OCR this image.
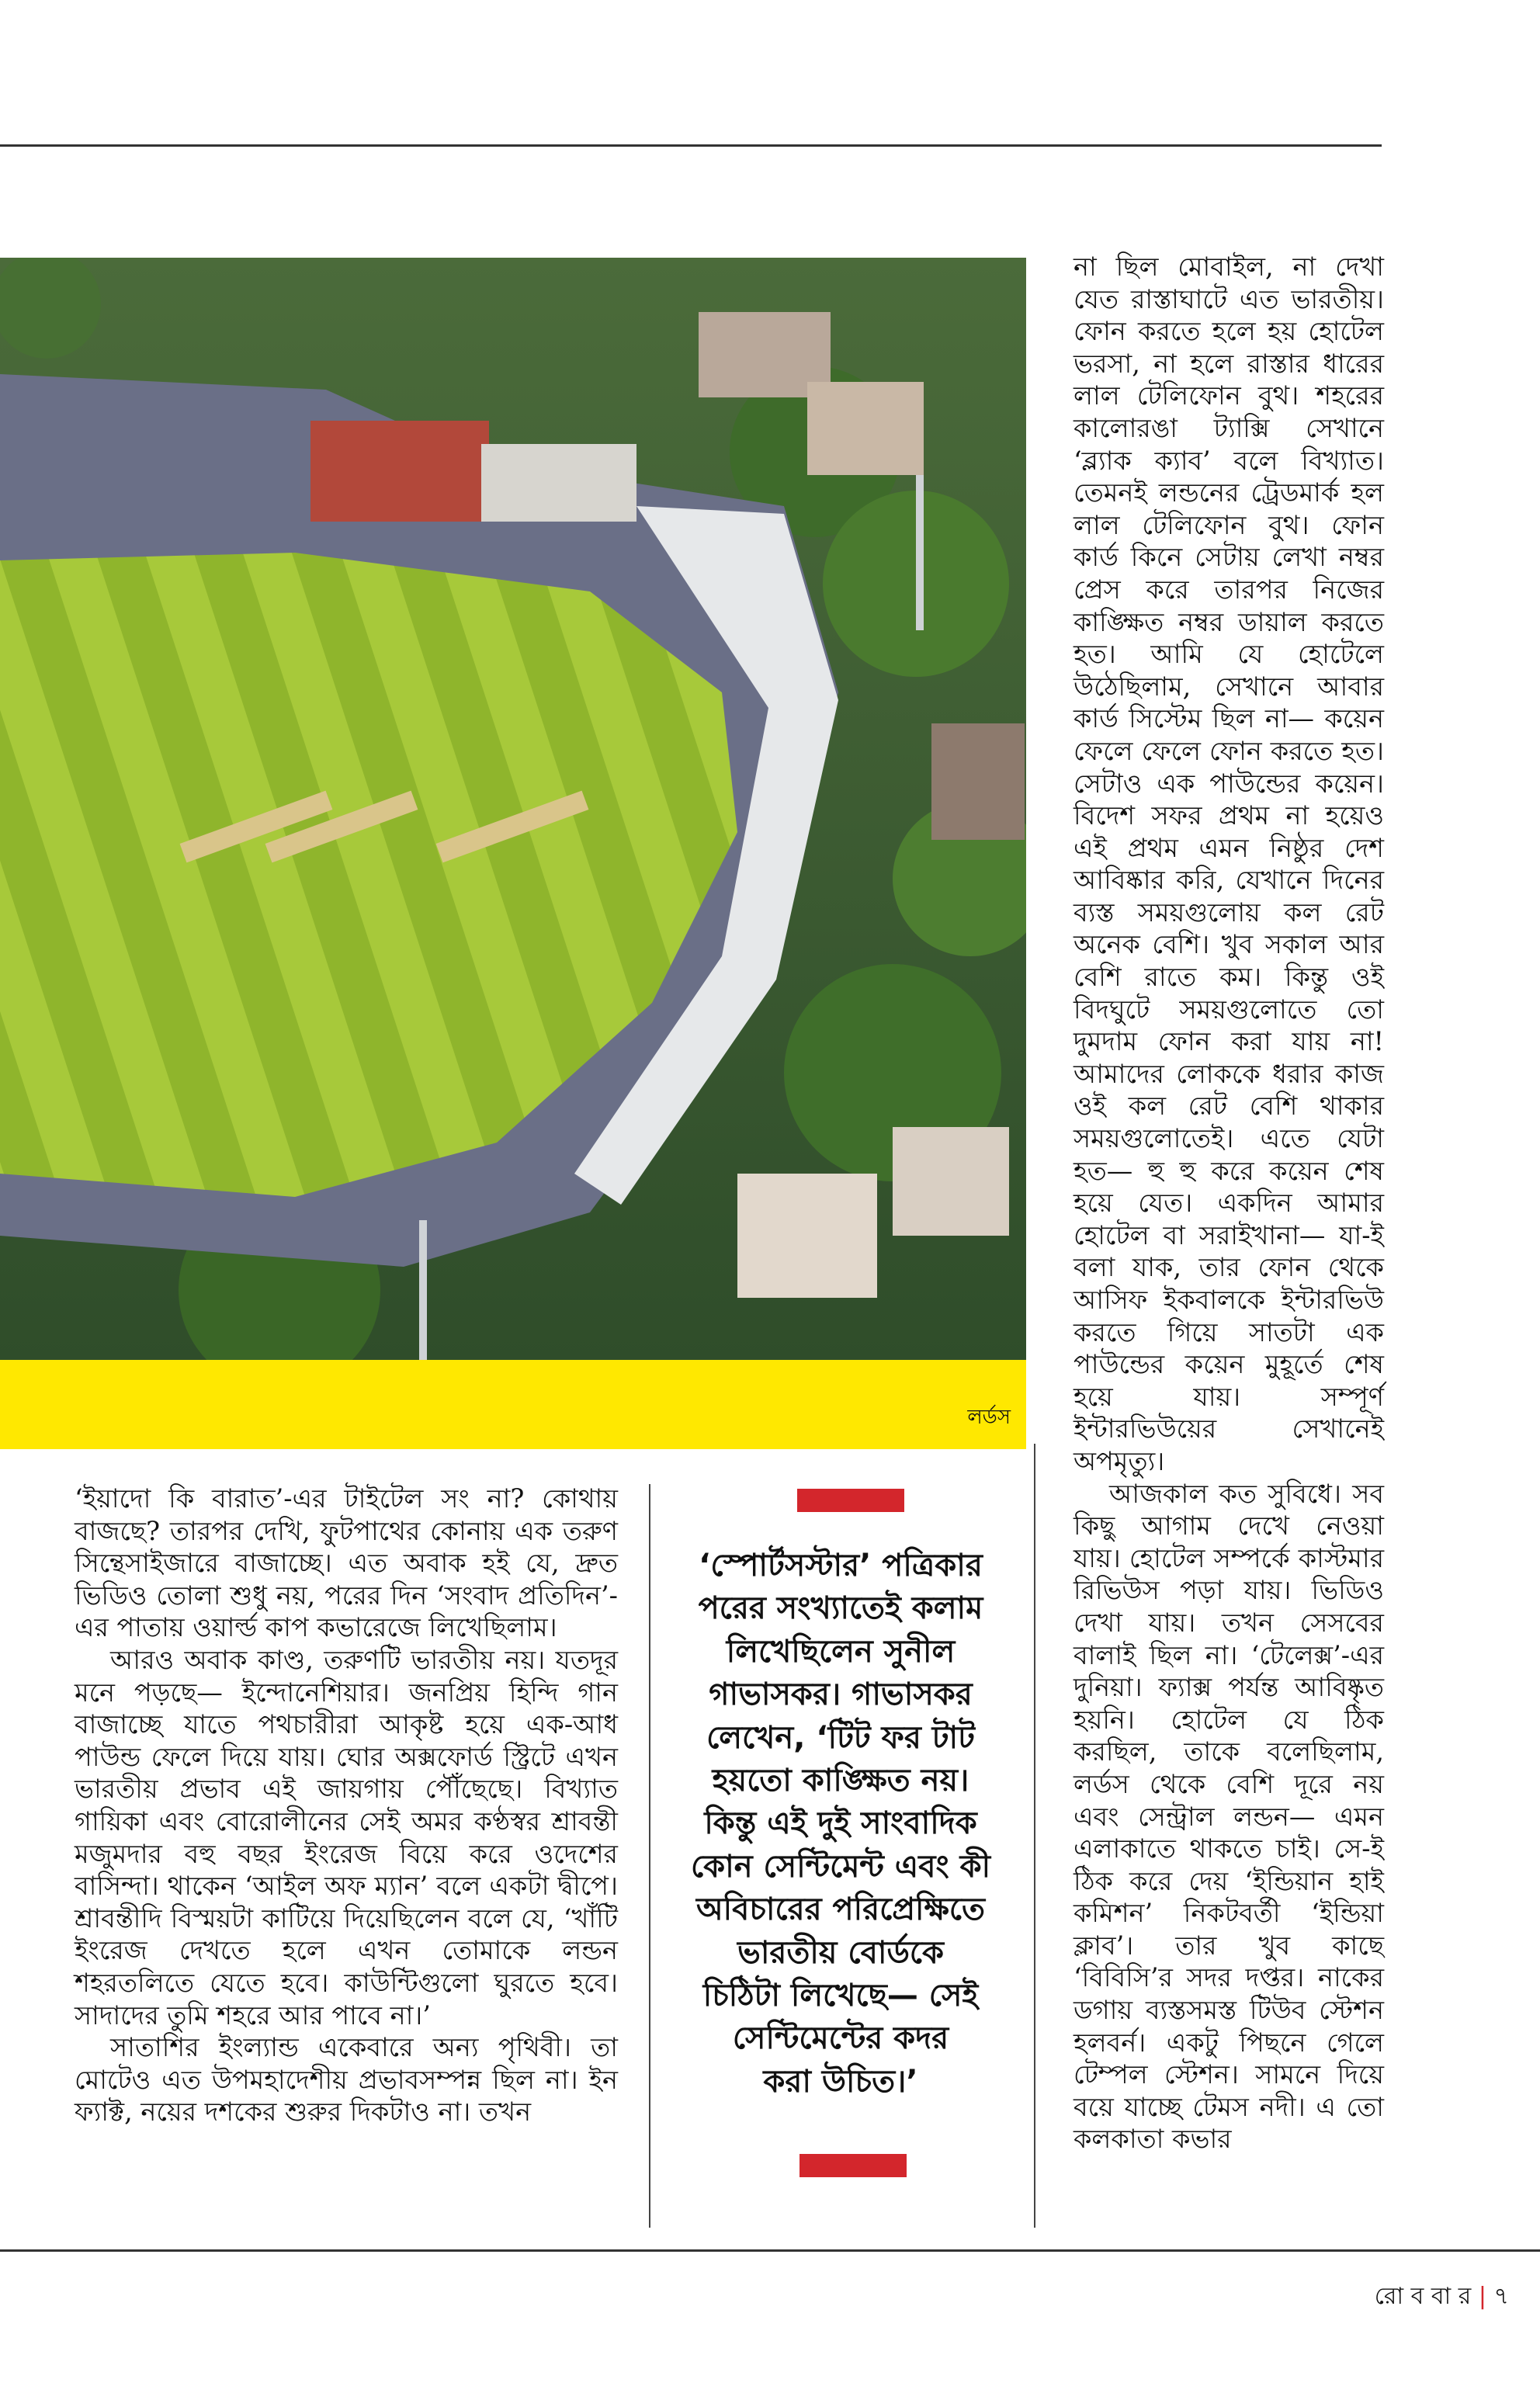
লর্ডস

‘ইয়াদো কি বারাত’-এর টাইটেল সং না? কোথায় বাজছে? তারপর দেখি, ফুটপাথের কোনায় এক তরুণ সিন্থেসাইজারে বাজাচ্ছে। এত অবাক হই যে, দ্রুত ভিডিও তোলা শুধু নয়, পরের দিন ‘সংবাদ প্রতিদিন’-এর পাতায় ওয়ার্ল্ড কাপ কভারেজে লিখেছিলাম।

আরও অবাক কাণ্ড, তরুণটি ভারতীয় নয়। যতদূর মনে পড়ছে— ইন্দোনেশিয়ার। জনপ্রিয় হিন্দি গান বাজাচ্ছে যাতে পথচারীরা আকৃষ্ট হয়ে এক-আধ পাউন্ড ফেলে দিয়ে যায়। ঘোর অক্সফোর্ড স্ট্রিটে এখন ভারতীয় প্রভাব এই জায়গায় পৌঁছেছে। বিখ্যাত গায়িকা এবং বোরোলীনের সেই অমর কণ্ঠস্বর শ্রাবন্তী মজুমদার বহু বছর ইংরেজ বিয়ে করে ওদেশের বাসিন্দা। থাকেন ‘আইল অফ ম্যান’ বলে একটা দ্বীপে। শ্রাবন্তীদি বিস্ময়টা কাটিয়ে দিয়েছিলেন বলে যে, ‘খাঁটি ইংরেজ দেখতে হলে এখন তোমাকে লন্ডন শহরতলিতে যেতে হবে। কাউন্টিগুলো ঘুরতে হবে। সাদাদের তুমি শহরে আর পাবে না।’

সাতাশির ইংল্যান্ড একেবারে অন্য পৃথিবী। তা মোটেও এত উপমহাদেশীয় প্রভাবসম্পন্ন ছিল না। ইন ফ্যাক্ট, নয়ের দশকের শুরুর দিকটাও না। তখন

‘স্পোর্টসস্টার’ পত্রিকার
পরের সংখ্যাতেই কলাম
লিখেছিলেন সুনীল
গাভাসকর। গাভাসকর
লেখেন, ‘টিট ফর টাট
হয়তো কাঙ্ক্ষিত নয়।
কিন্তু এই দুই সাংবাদিক
কোন সেন্টিমেন্ট এবং কী
অবিচারের পরিপ্রেক্ষিতে
ভারতীয় বোর্ডকে
চিঠিটা লিখেছে— সেই
সেন্টিমেন্টের কদর
করা উচিত।’

না ছিল মোবাইল, না দেখা যেত রাস্তাঘাটে এত ভারতীয়। ফোন করতে হলে হয় হোটেল ভরসা, না হলে রাস্তার ধারের লাল টেলিফোন বুথ। শহরের কালোরঙা ট্যাক্সি সেখানে ‘ব্ল্যাক ক্যাব’ বলে বিখ্যাত। তেমনই লন্ডনের ট্রেডমার্ক হল লাল টেলিফোন বুথ। ফোন কার্ড কিনে সেটায় লেখা নম্বর প্রেস করে তারপর নিজের কাঙ্ক্ষিত নম্বর ডায়াল করতে হত। আমি যে হোটেলে উঠেছিলাম, সেখানে আবার কার্ড সিস্টেম ছিল না— কয়েন ফেলে ফেলে ফোন করতে হত। সেটাও এক পাউন্ডের কয়েন। বিদেশ সফর প্রথম না হয়েও এই প্রথম এমন নিষ্ঠুর দেশ আবিষ্কার করি, যেখানে দিনের ব্যস্ত সময়গুলোয় কল রেট অনেক বেশি। খুব সকাল আর বেশি রাতে কম। কিন্তু ওই বিদঘুটে সময়গুলোতে তো দুমদাম ফোন করা যায় না! আমাদের লোককে ধরার কাজ ওই কল রেট বেশি থাকার সময়গুলোতেই। এতে যেটা হত— হু হু করে কয়েন শেষ হয়ে যেত। একদিন আমার হোটেল বা সরাইখানা— যা-ই বলা যাক, তার ফোন থেকে আসিফ ইকবালকে ইন্টারভিউ করতে গিয়ে সাতটা এক পাউন্ডের কয়েন মুহূর্তে শেষ হয়ে যায়। সম্পূর্ণ ইন্টারভিউয়ের সেখানেই অপমৃত্যু।

আজকাল কত সুবিধে। সব কিছু আগাম দেখে নেওয়া যায়। হোটেল সম্পর্কে কাস্টমার রিভিউস পড়া যায়। ভিডিও দেখা যায়। তখন সেসবের বালাই ছিল না। ‘টেলেক্স’-এর দুনিয়া। ফ্যাক্স পর্যন্ত আবিষ্কৃত হয়নি। হোটেল যে ঠিক করছিল, তাকে বলেছিলাম, লর্ডস থেকে বেশি দূরে নয় এবং সেন্ট্রাল লন্ডন— এমন এলাকাতে থাকতে চাই। সে-ই ঠিক করে দেয় ‘ইন্ডিয়ান হাই কমিশন’ নিকটবর্তী ‘ইন্ডিয়া ক্লাব’। তার খুব কাছে ‘বিবিসি’র সদর দপ্তর। নাকের ডগায় ব্যস্তসমস্ত টিউব স্টেশন হলবর্ন। একটু পিছনে গেলে টেম্পল স্টেশন। সামনে দিয়ে বয়ে যাচ্ছে টেমস নদী। এ তো কলকাতা কভার

রো ব বা র | ৭
